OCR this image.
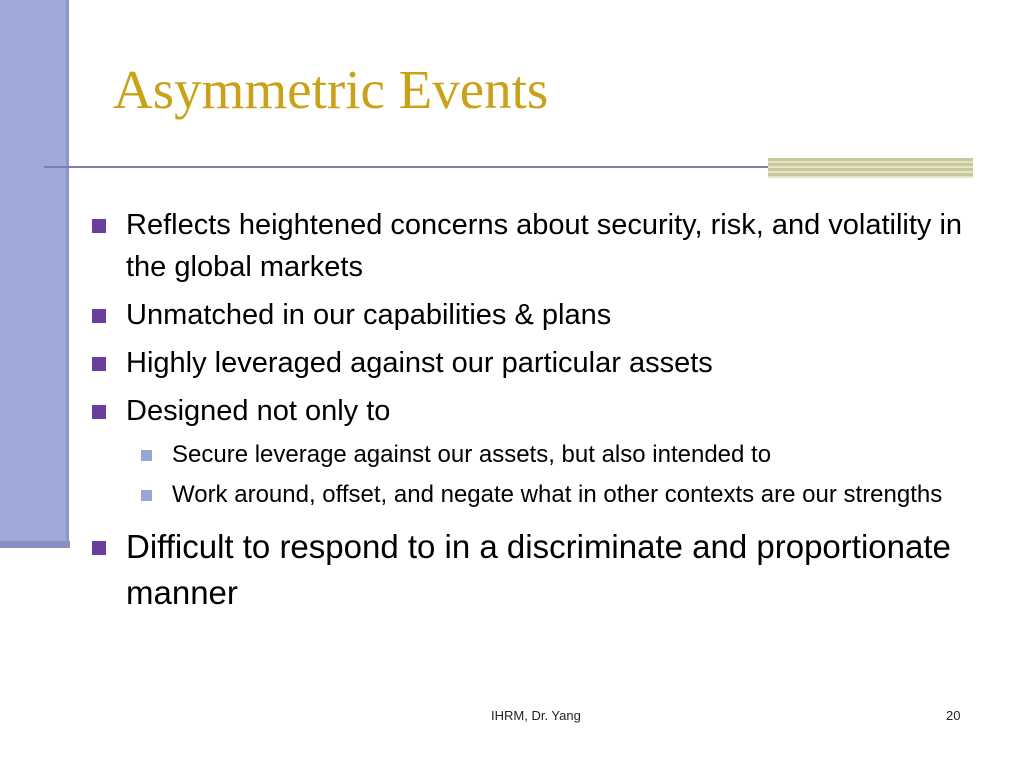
Asymmetric Events
Reflects heightened concerns about security, risk, and volatility in the global markets
Unmatched in our capabilities & plans
Highly leveraged against our particular assets
Designed not only to
Secure leverage against our assets, but also intended to
Work around, offset, and negate what in other contexts are our strengths
Difficult to respond to in a discriminate and proportionate manner
IHRM, Dr. Yang	20
